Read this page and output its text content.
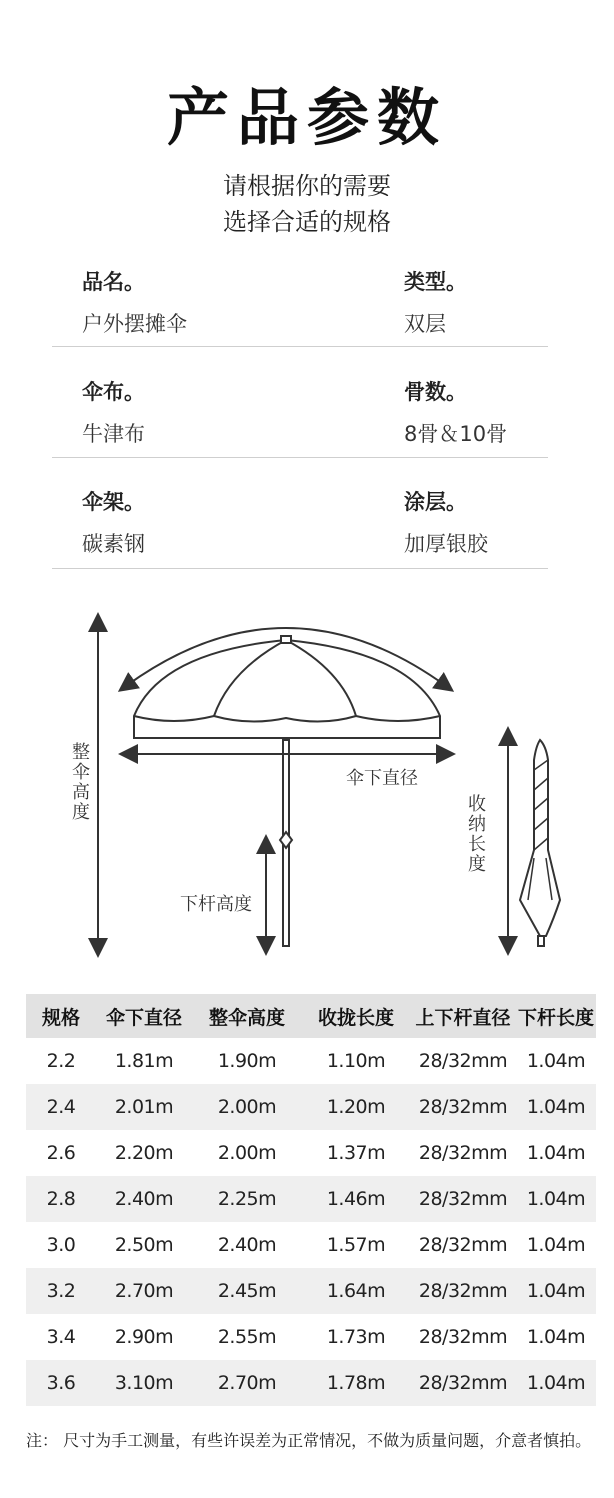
产品参数
请根据你的需要
选择合适的规格
品名。
户外摆摊伞
类型。
双层
伞布。
牛津布
骨数。
8骨＆10骨
伞架。
碳素钢
涂层。
加厚银胶
整伞高度	伞下直径
下杆高度
收纳长度
规格	伞下直径	整伞高度	收拢长度	上下杆直径 下杆长度
2.2	1.81m	1.90m	1.10m	28/32mm	1.04m
2.4	2.01m	2.00m	1.20m	28/32mm	1.04m
2.6	2.20m	2.00m	1.37m	28/32mm	1.04m
2.8	2.40m	2.25m	1.46m	28/32mm	1.04m
3.0	2.50m	2.40m	1.57m	28/32mm	1.04m
3.2	2.70m	2.45m	1.64m	28/32mm	1.04m
3.4	2.90m	2.55m	1.73m	28/32mm	1.04m
3.6	3.10m	2.70m	1.78m	28/32mm	1.04m
注： 尺寸为手工测量，有些许误差为正常情况，不做为质量问题，介意者慎拍。
